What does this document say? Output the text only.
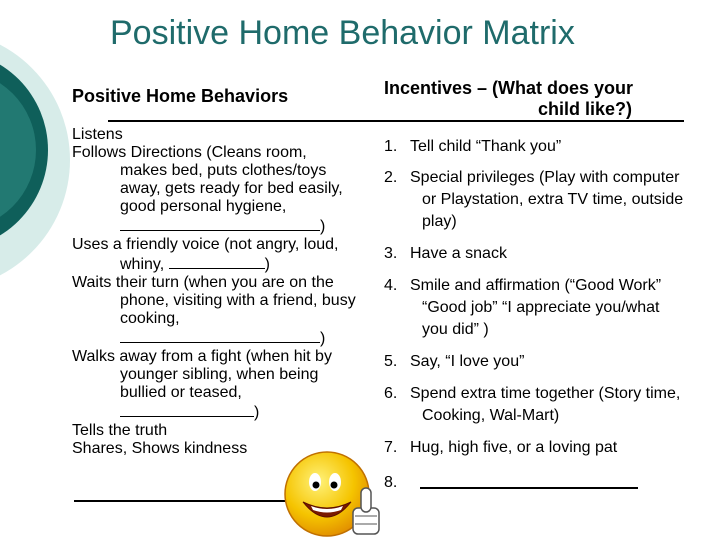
Positive Home Behavior Matrix
Positive Home Behaviors	Incentives – (What does your
child like?)

Listens

Follows Directions (Cleans room, makes bed, puts clothes/toys away, gets ready for bed easily, good personal hygiene, )

Uses a friendly voice (not angry, loud, whiny,	)

Waits their turn (when you are on the phone, visiting with a friend, busy cooking, )

Walks away from a fight (when hit by younger sibling, when being bullied or teased, )

Tells the truth

Shares, Shows kindness

1. Tell child “Thank you”
2. Special privileges (Play with computer or Playstation, extra TV time, outside play)
3. Have a snack
4. Smile and affirmation (“Good Work” “Good job” “I appreciate you/what you did” )
5. Say, “I love you”
6. Spend extra time together (Story time, Cooking, Wal-Mart)
7. Hug, high five, or a loving pat
8.
